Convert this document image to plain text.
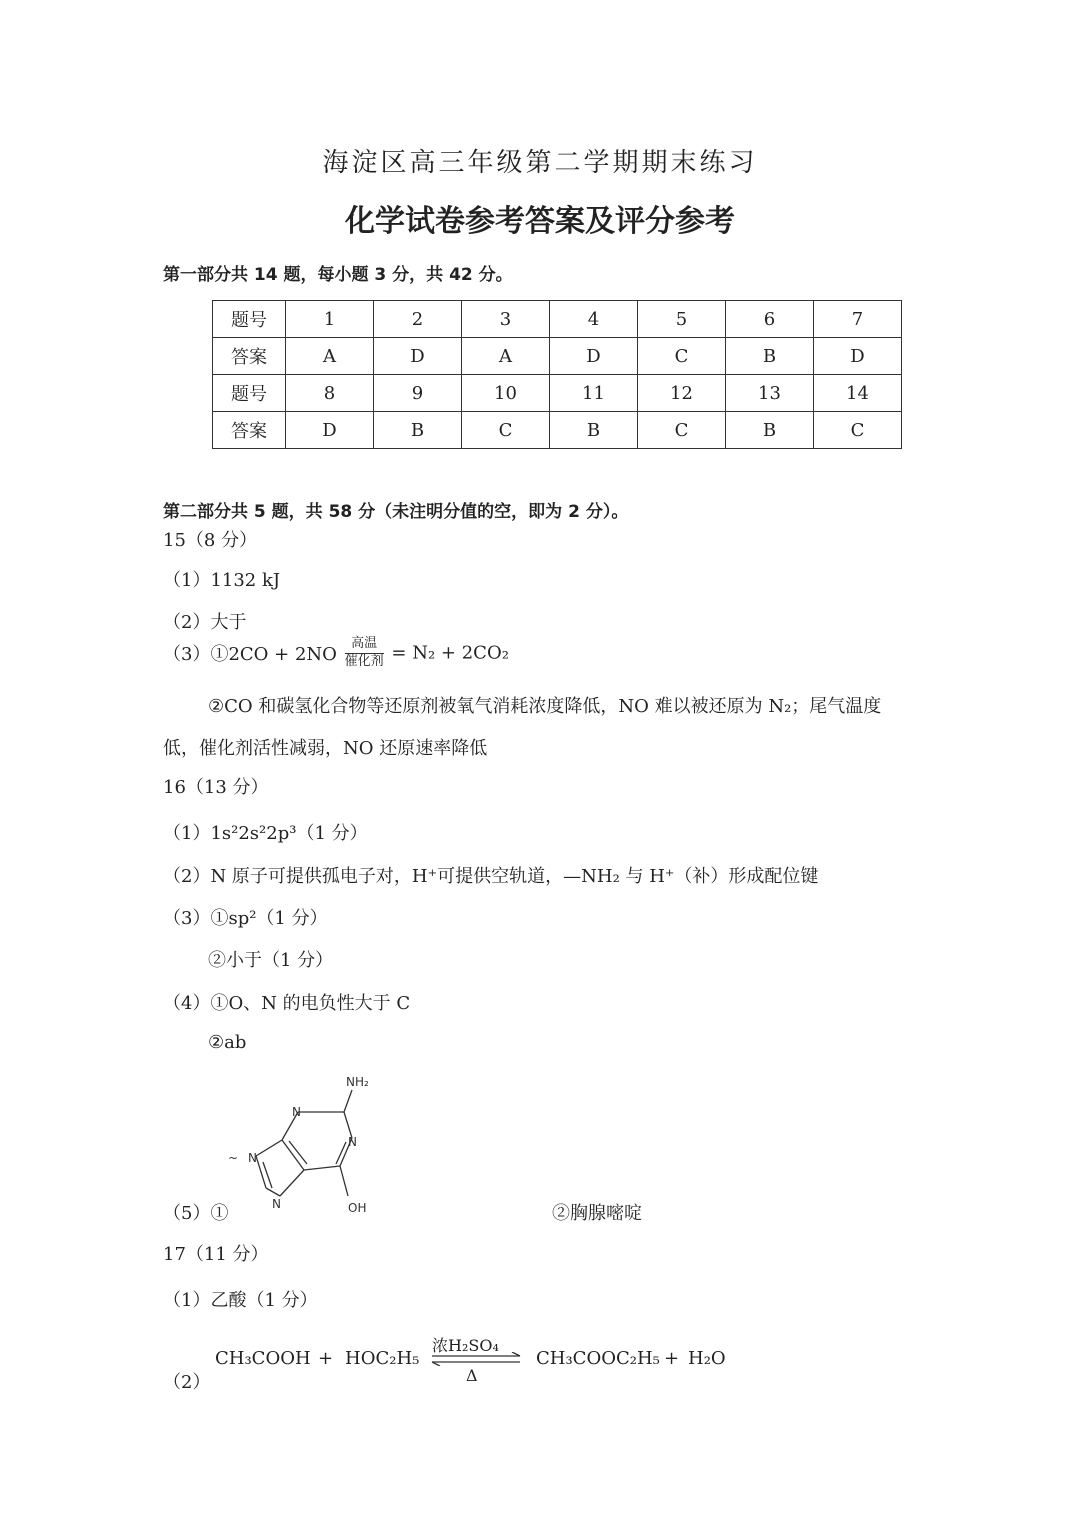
海淀区高三年级第二学期期末练习
化学试卷参考答案及评分参考
第一部分共 14 题，每小题 3 分，共 42 分。
题号	1	2	3	4	5	6	7
答案	A	D	A	D	C	B	D
题号	8	9	10	11	12	13	14
答案	D	B	C	B	C	B	C
第二部分共 5 题，共 58 分（未注明分值的空，即为 2 分）。
15（8 分）
（1）1132 kJ
（2）大于
（3）①2CO + $2NO \frac{\text{高温}}{\text{催化剂}} = N_2 + 2CO_2$
②CO 和碳氢化合物等还原剂被氧气消耗浓度降低，NO 难以被还原为 N₂；尾气温度
低，催化剂活性减弱，NO 还原速率降低
16（13 分）
（1）1s²2s²2p³（1 分）
（2）N 原子可提供孤电子对，H⁺可提供空轨道，—NH₂ 与 H⁺（补）形成配位键
（3）①sp²（1 分）
②小于（1 分）
（4）①O、N 的电负性大于 C
②ab
NH₂
N
N
N
N	OH
~
（5）①	②胸腺嘧啶
17（11 分）
（1）乙酸（1 分）
（2）
CH₃COOH + HOC₂H₅
浓H₂SO₄
Δ
CH₃COOC₂H₅ + H₂O
